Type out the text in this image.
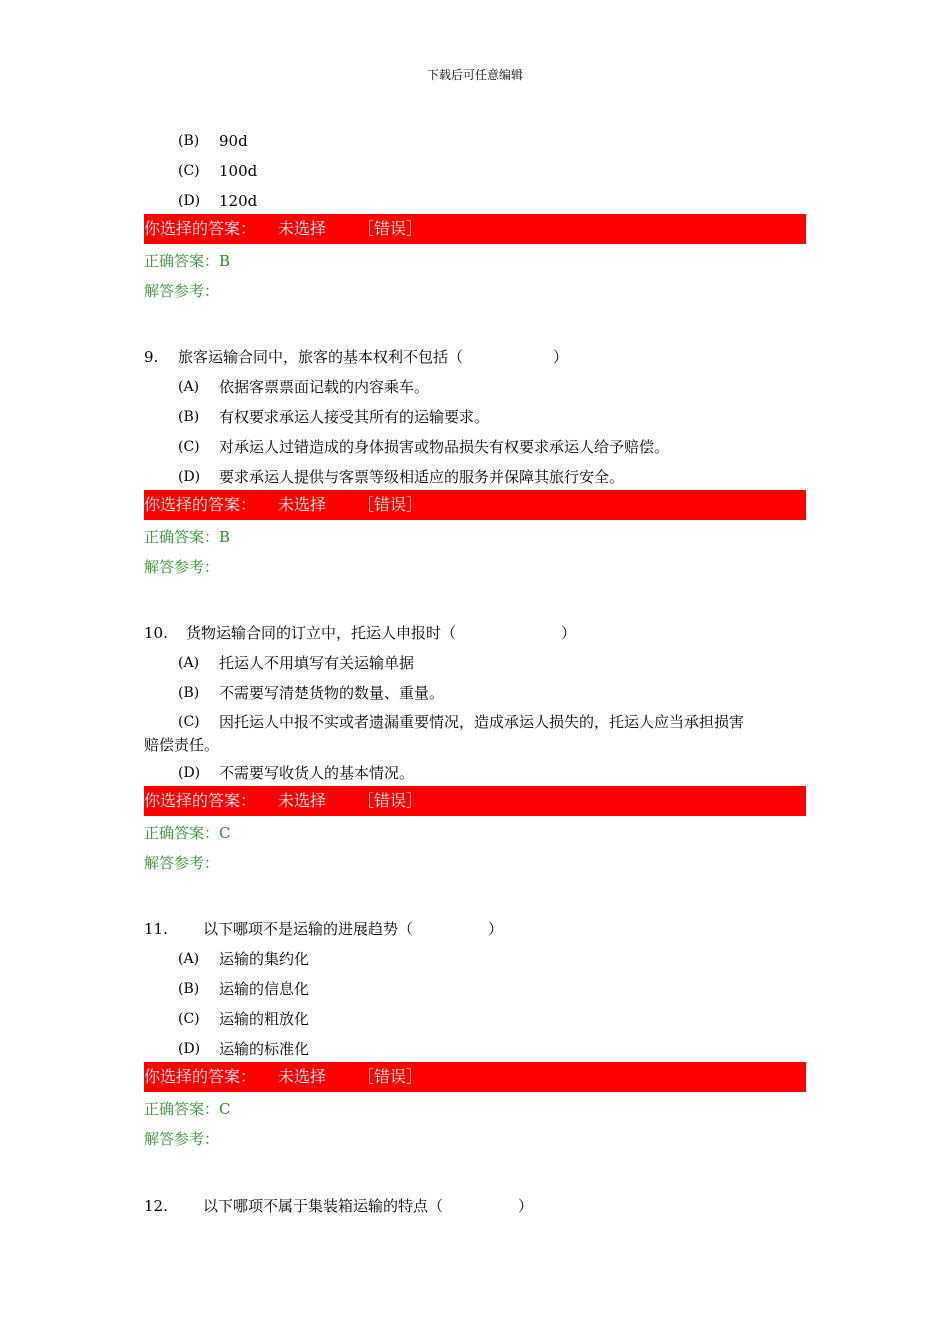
下载后可任意编辑
(B) 90d
(C) 100d
(D) 120d
你选择的答案： 未选择 ［错误］
正确答案：B
解答参考：
9. 旅客运输合同中，旅客的基本权利不包括（　　　　　　）
(A) 依据客票票面记载的内容乘车。
(B) 有权要求承运人接受其所有的运输要求。
(C) 对承运人过错造成的身体损害或物品损失有权要求承运人给予赔偿。
(D) 要求承运人提供与客票等级相适应的服务并保障其旅行安全。
你选择的答案： 未选择 ［错误］
正确答案：B
解答参考：
10. 货物运输合同的订立中，托运人申报时（　　　　　　　）
(A) 托运人不用填写有关运输单据
(B) 不需要写清楚货物的数量、重量。
(C) 因托运人中报不实或者遗漏重要情况，造成承运人损失的，托运人应当承担损害
赔偿责任。
(D) 不需要写收货人的基本情况。
你选择的答案： 未选择 ［错误］
正确答案：C
解答参考：
11. 以下哪项不是运输的进展趋势（　　　　　）
(A) 运输的集约化
(B) 运输的信息化
(C) 运输的粗放化
(D) 运输的标准化
你选择的答案： 未选择 ［错误］
正确答案：C
解答参考：
12. 以下哪项不属于集装箱运输的特点（　　　　　）
